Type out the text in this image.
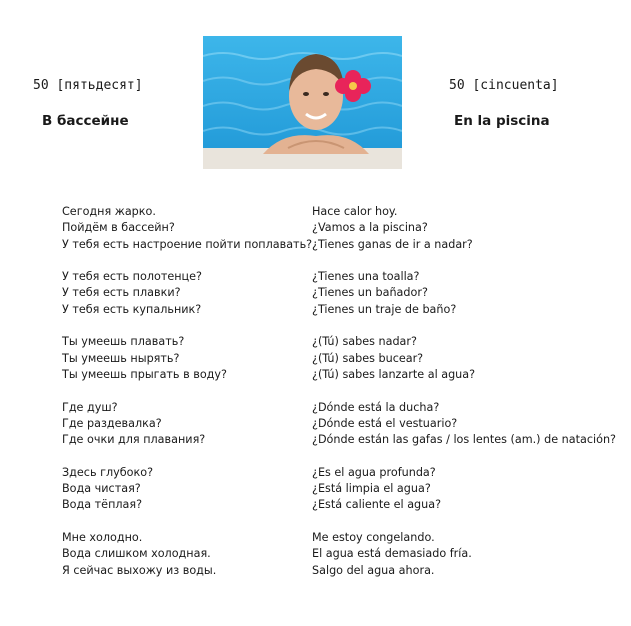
50 [пятьдесят]	50 [cincuenta]
В бассейне	En la piscina
Сегодня жарко.
Пойдём в бассейн?
У тебя есть настроение пойти поплавать?
Hace calor hoy.
¿Vamos a la piscina?
¿Tienes ganas de ir a nadar?
У тебя есть полотенце?
У тебя есть плавки?
У тебя есть купальник?
¿Tienes una toalla?
¿Tienes un bañador?
¿Tienes un traje de baño?
Ты умеешь плавать?
Ты умеешь нырять?
Ты умеешь прыгать в воду?
¿(Tú) sabes nadar?
¿(Tú) sabes bucear?
¿(Tú) sabes lanzarte al agua?
Где душ?
Где раздевалка?
Где очки для плавания?
¿Dónde está la ducha?
¿Dónde está el vestuario?
¿Dónde están las gafas / los lentes (am.) de natación?
Здесь глубоко?
Вода чистая?
Вода тёплая?
¿Es el agua profunda?
¿Está limpia el agua?
¿Está caliente el agua?
Мне холодно.
Вода слишком холодная.
Я сейчас выхожу из воды.
Me estoy congelando.
El agua está demasiado fría.
Salgo del agua ahora.
